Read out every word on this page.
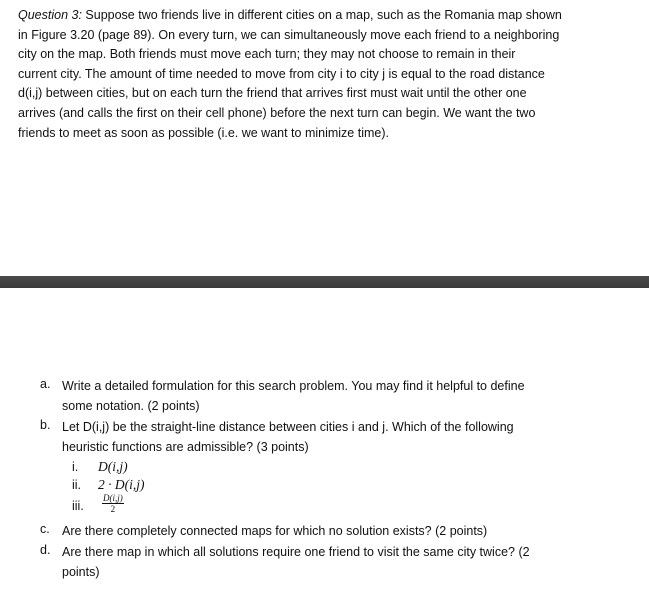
Question 3: Suppose two friends live in different cities on a map, such as the Romania map shown
in Figure 3.20 (page 89). On every turn, we can simultaneously move each friend to a neighboring
city on the map. Both friends must move each turn; they may not choose to remain in their
current city. The amount of time needed to move from city i to city j is equal to the road distance
d(i,j) between cities, but on each turn the friend that arrives first must wait until the other one
arrives (and calls the first on their cell phone) before the next turn can begin. We want the two
friends to meet as soon as possible (i.e. we want to minimize time).
a. Write a detailed formulation for this search problem. You may find it helpful to define
some notation. (2 points)
b. Let D(i,j) be the straight-line distance between cities i and j. Which of the following
heuristic functions are admissible? (3 points)
i. D(i,j)
ii. 2 · D(i,j)
iii.	$\frac{D(i,j)}{2}$
c. Are there completely connected maps for which no solution exists? (2 points)
d. Are there map in which all solutions require one friend to visit the same city twice? (2
points)
